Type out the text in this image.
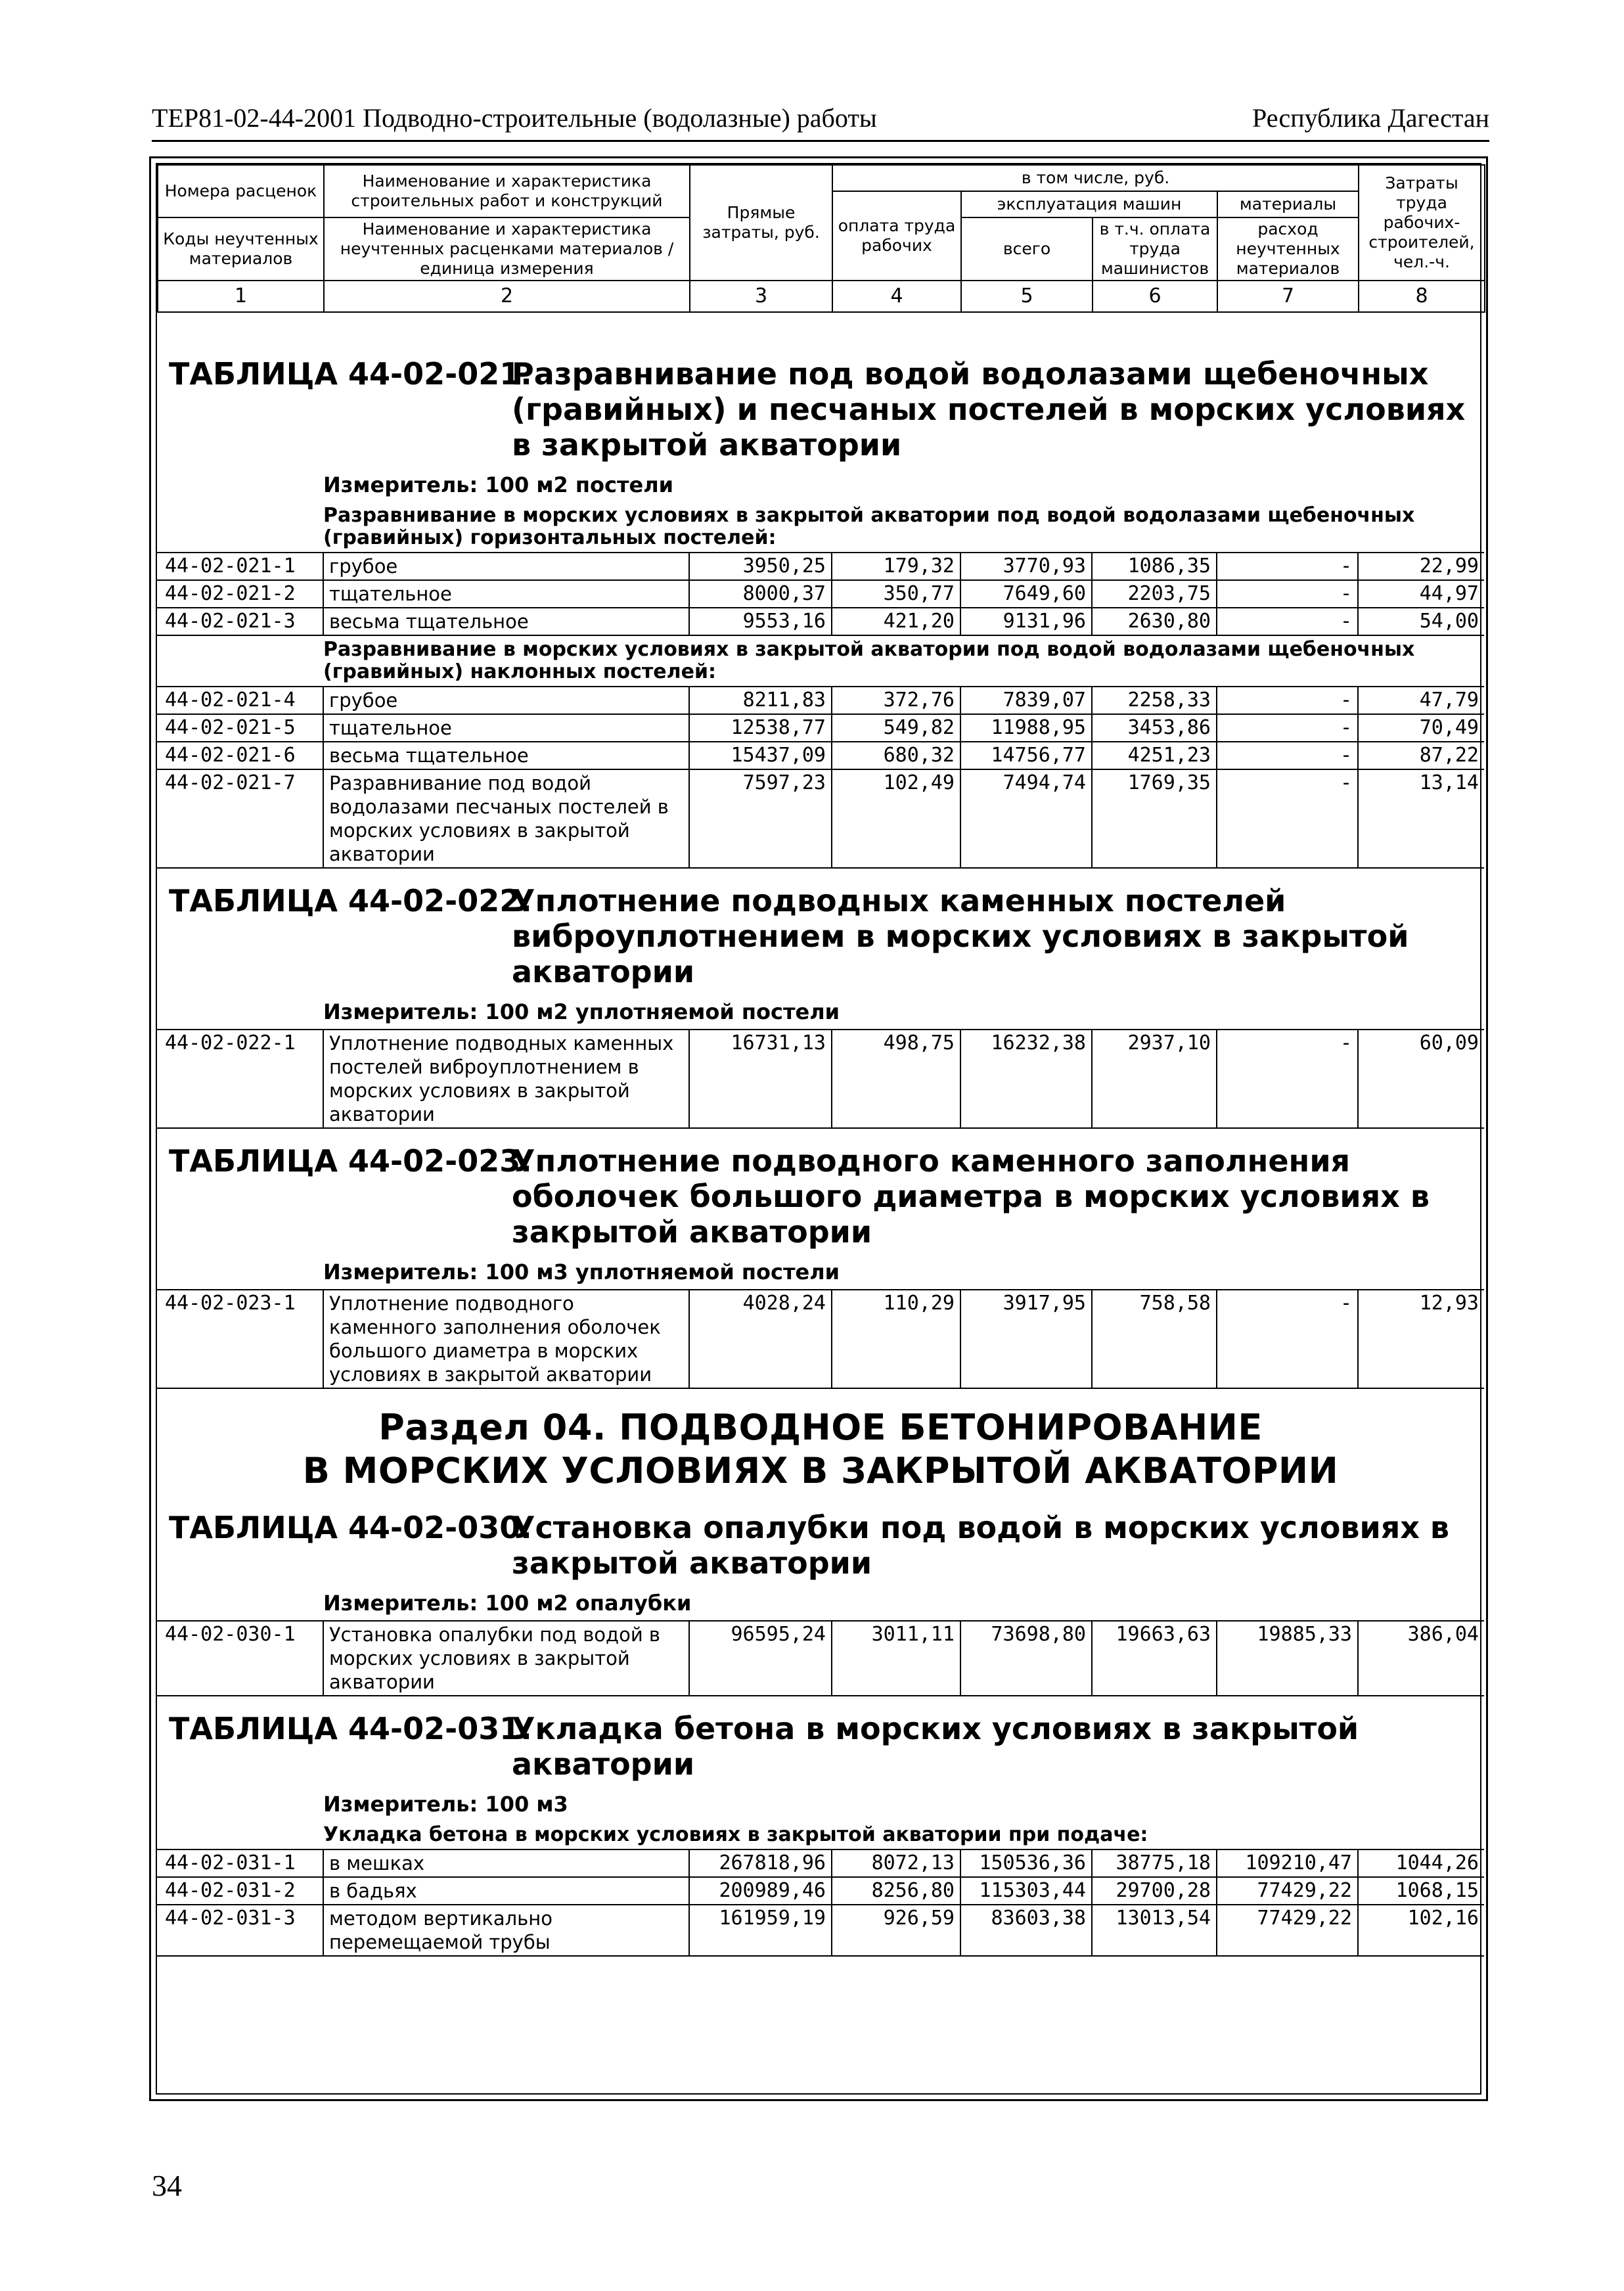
ТЕР81-02-44-2001 Подводно-строительные (водолазные) работы	Республика Дагестан
Номера расценок	Наименование и характеристика строительных работ и конструкций	Прямые затраты, руб.	в том числе, руб.				Затраты труда рабочих-строителей, чел.-ч.
			оплата труда рабочих	эксплуатация машин		материалы	
Коды неучтенных материалов	Наименование и характеристика неучтенных расценками материалов / единица измерения			всего	в т.ч. оплата труда машинистов	расход неучтенных материалов	

1	2	3	4	5	6	7	8
ТАБЛИЦА 44-02-021.
Разравнивание под водой водолазами щебеночных (гравийных) и песчаных постелей в морских условиях в закрытой акватории
Измеритель: 100 м2 постели
Разравнивание в морских условиях в закрытой акватории под водой водолазами щебеночных (гравийных) горизонтальных постелей:
44-02-021-1	грубое	3950,25	179,32	3770,93	1086,35	-	22,99
44-02-021-2	тщательное	8000,37	350,77	7649,60	2203,75	-	44,97
44-02-021-3	весьма тщательное	9553,16	421,20	9131,96	2630,80	-	54,00
Разравнивание в морских условиях в закрытой акватории под водой водолазами щебеночных (гравийных) наклонных постелей:
44-02-021-4	грубое	8211,83	372,76	7839,07	2258,33	-	47,79
44-02-021-5	тщательное	12538,77	549,82	11988,95	3453,86	-	70,49
44-02-021-6	весьма тщательное	15437,09	680,32	14756,77	4251,23	-	87,22
44-02-021-7	Разравнивание под водой водолазами песчаных постелей в морских условиях в закрытой акватории	7597,23	102,49	7494,74	1769,35	-	13,14
ТАБЛИЦА 44-02-022.
Уплотнение подводных каменных постелей виброуплотнением в морских условиях в закрытой акватории
Измеритель: 100 м2 уплотняемой постели
44-02-022-1	Уплотнение подводных каменных постелей виброуплотнением в морских условиях в закрытой акватории	16731,13	498,75	16232,38	2937,10	-	60,09
ТАБЛИЦА 44-02-023.
Уплотнение подводного каменного заполнения оболочек большого диаметра в морских условиях в закрытой акватории
Измеритель: 100 м3 уплотняемой постели
44-02-023-1	Уплотнение подводного каменного заполнения оболочек большого диаметра в морских условиях в закрытой акватории	4028,24	110,29	3917,95	758,58	-	12,93
Раздел 04. ПОДВОДНОЕ БЕТОНИРОВАНИЕ
В МОРСКИХ УСЛОВИЯХ В ЗАКРЫТОЙ АКВАТОРИИ
ТАБЛИЦА 44-02-030.
Установка опалубки под водой в морских условиях в закрытой акватории
Измеритель: 100 м2 опалубки
44-02-030-1	Установка опалубки под водой в морских условиях в закрытой акватории	96595,24	3011,11	73698,80	19663,63	19885,33	386,04
ТАБЛИЦА 44-02-031.
Укладка бетона в морских условиях в закрытой акватории
Измеритель: 100 м3
Укладка бетона в морских условиях в закрытой акватории при подаче:
44-02-031-1	в мешках	267818,96	8072,13	150536,36	38775,18	109210,47	1044,26
44-02-031-2	в бадьях	200989,46	8256,80	115303,44	29700,28	77429,22	1068,15
44-02-031-3	методом вертикально перемещаемой трубы	161959,19	926,59	83603,38	13013,54	77429,22	102,16
34
